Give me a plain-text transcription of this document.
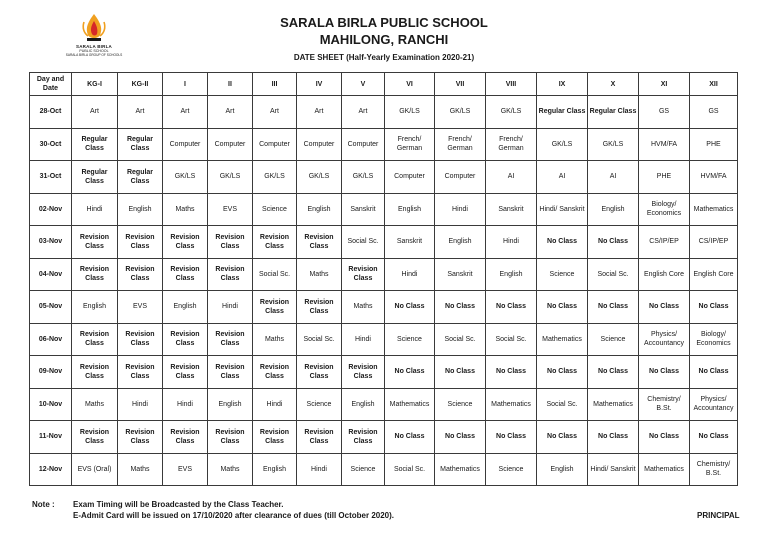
SARALA BIRLA
PUBLIC SCHOOL
SARALA BIRLA GROUP OF SCHOOLS
SARALA BIRLA PUBLIC SCHOOL
MAHILONG, RANCHI
DATE SHEET (Half-Yearly Examination 2020-21)
Day and Date	KG-I	KG-II	I	II	III	IV	V	VI	VII	VIII	IX	X	XI	XII
28-Oct	Art	Art	Art	Art	Art	Art	Art	GK/LS	GK/LS	GK/LS	Regular Class	Regular Class	GS	GS
30-Oct	Regular Class	Regular Class	Computer	Computer	Computer	Computer	Computer	French/ German	French/ German	French/ German	GK/LS	GK/LS	HVM/FA	PHE
31-Oct	Regular Class	Regular Class	GK/LS	GK/LS	GK/LS	GK/LS	GK/LS	Computer	Computer	AI	AI	AI	PHE	HVM/FA
02-Nov	Hindi	English	Maths	EVS	Science	English	Sanskrit	English	Hindi	Sanskrit	Hindi/ Sanskrit	English	Biology/ Economics	Mathematics
03-Nov	Revision Class	Revision Class	Revision Class	Revision Class	Revision Class	Revision Class	Social Sc.	Sanskrit	English	Hindi	No Class	No Class	CS/IP/EP	CS/IP/EP
04-Nov	Revision Class	Revision Class	Revision Class	Revision Class	Social Sc.	Maths	Revision Class	Hindi	Sanskrit	English	Science	Social Sc.	English Core	English Core
05-Nov	English	EVS	English	Hindi	Revision Class	Revision Class	Maths	No Class	No Class	No Class	No Class	No Class	No Class	No Class
06-Nov	Revision Class	Revision Class	Revision Class	Revision Class	Maths	Social Sc.	Hindi	Science	Social Sc.	Social Sc.	Mathematics	Science	Physics/ Accountancy	Biology/ Economics
09-Nov	Revision Class	Revision Class	Revision Class	Revision Class	Revision Class	Revision Class	Revision Class	No Class	No Class	No Class	No Class	No Class	No Class	No Class
10-Nov	Maths	Hindi	Hindi	English	Hindi	Science	English	Mathematics	Science	Mathematics	Social Sc.	Mathematics	Chemistry/ B.St.	Physics/ Accountancy
11-Nov	Revision Class	Revision Class	Revision Class	Revision Class	Revision Class	Revision Class	Revision Class	No Class	No Class	No Class	No Class	No Class	No Class	No Class
12-Nov	EVS (Oral)	Maths	EVS	Maths	English	Hindi	Science	Social Sc.	Mathematics	Science	English	Hindi/ Sanskrit	Mathematics	Chemistry/ B.St.
Note : Exam Timing will be Broadcasted by the Class Teacher.
E-Admit Card will be issued on 17/10/2020 after clearance of dues (till October 2020).	PRINCIPAL
